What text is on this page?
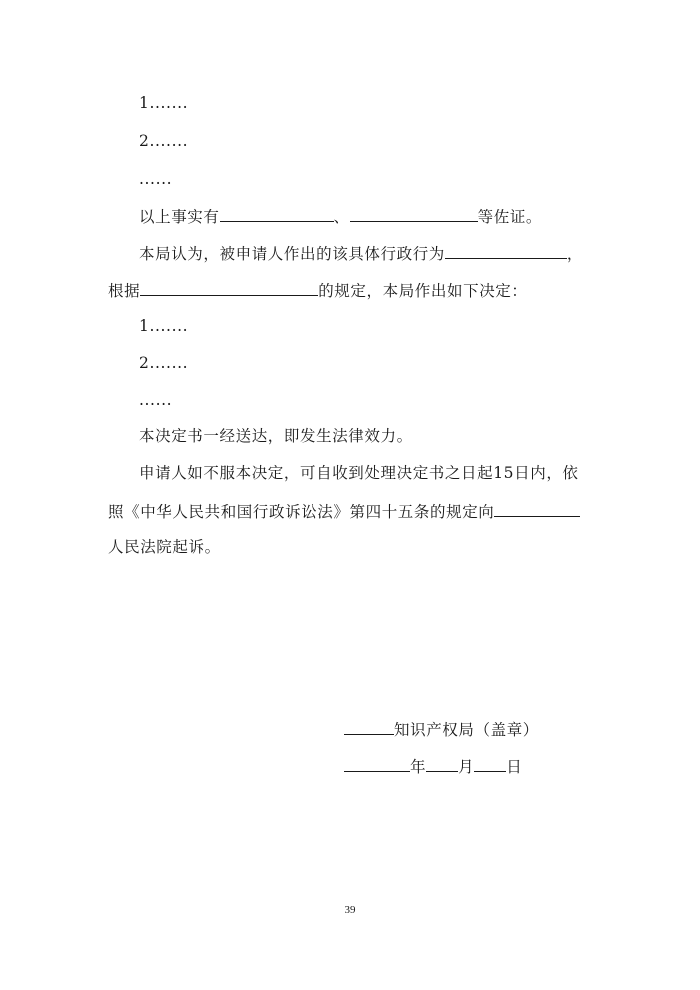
1.......
2.......
......
以上事实有	、	等佐证。
本局认为，被申请人作出的该具体行政行为	，
根据	的规定，本局作出如下决定：
1.......
2.......
......
本决定书一经送达，即发生法律效力。
申请人如不服本决定，可自收到处理决定书之日起15日内，依
照《中华人民共和国行政诉讼法》第四十五条的规定向
人民法院起诉。
知识产权局（盖章）
年 月 日
39
